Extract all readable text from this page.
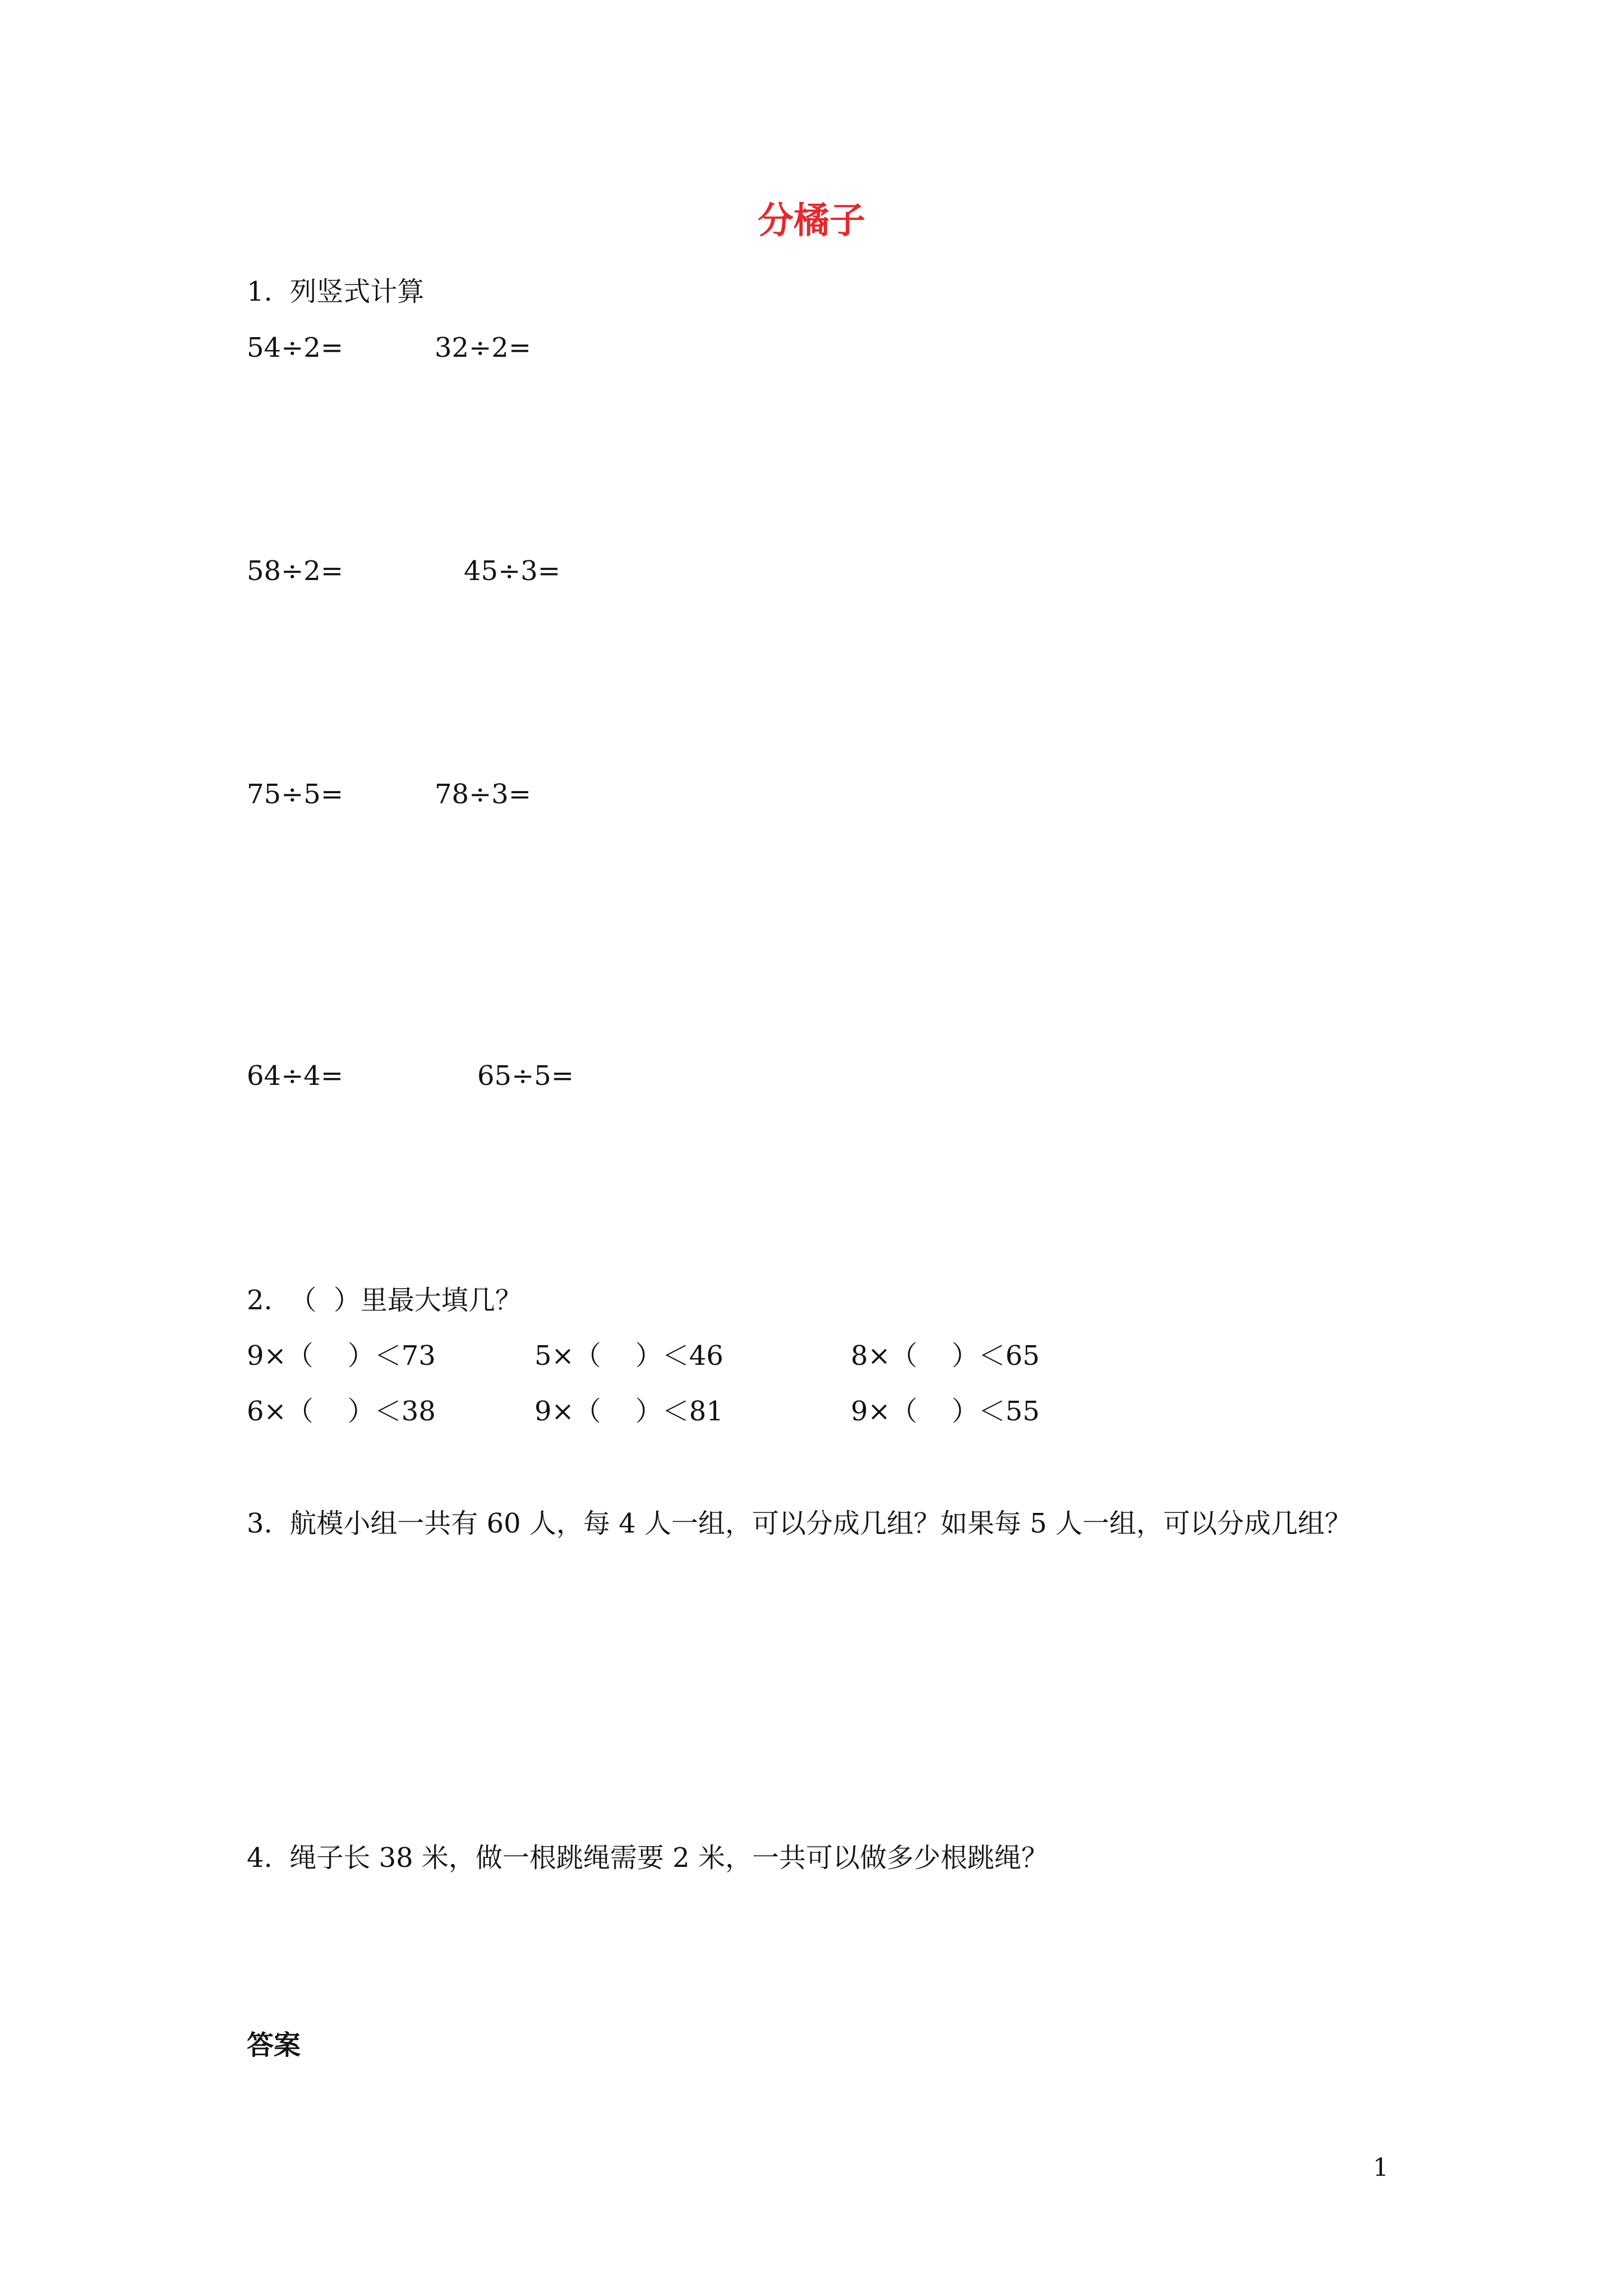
分橘子
1.  列竖式计算
54÷2=	32÷2=
58÷2=	45÷3=
75÷5=	78÷3=
64÷4=	65÷5=
2.  （  ）里最大填几？
9×（    ）＜73	5×（    ）＜46	8×（    ）＜65
6×（    ）＜38	9×（    ）＜81	9×（    ）＜55
3.  航模小组一共有 60 人，每 4 人一组，可以分成几组？如果每 5 人一组，可以分成几组？
4.  绳子长 38 米，做一根跳绳需要 2 米，一共可以做多少根跳绳？
答案
1
